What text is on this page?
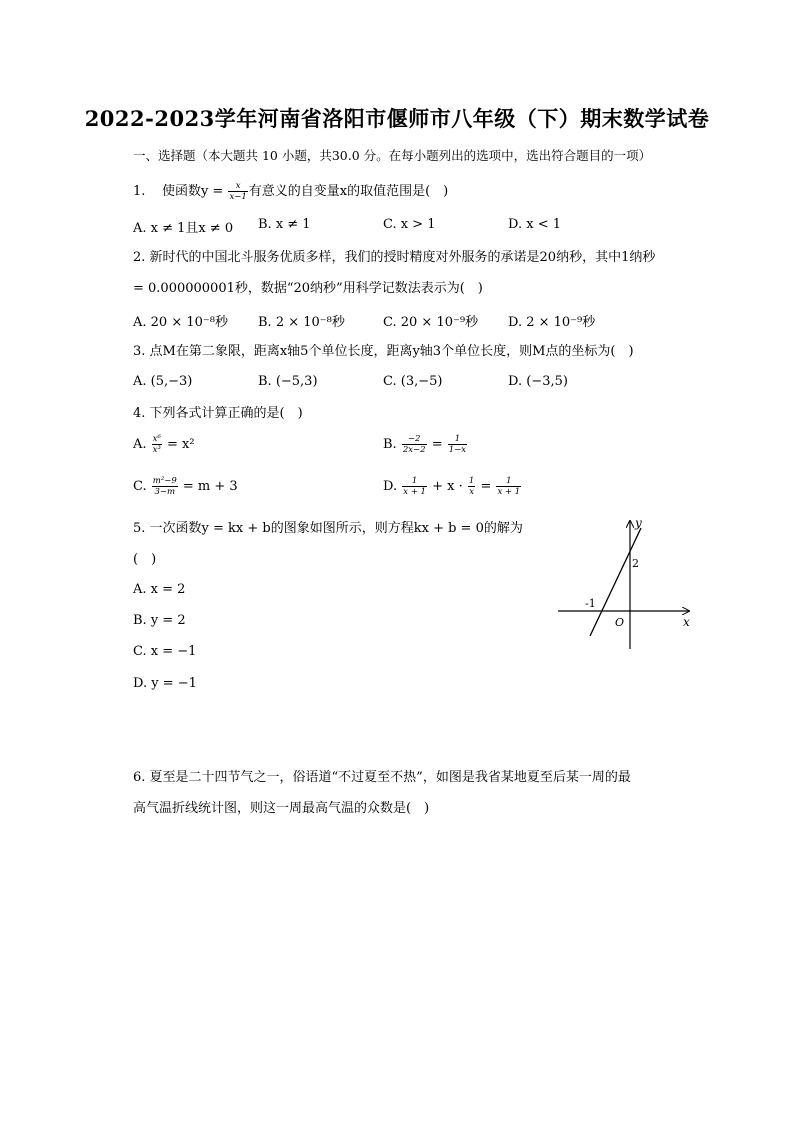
2022-2023学年河南省洛阳市偃师市八年级（下）期末数学试卷
一、选择题（本大题共 10 小题，共30.0 分。在每小题列出的选项中，选出符合题目的一项）
1. 使函数$y = \frac{x}{x-1}$ 有意义的自变量x的取值范围是(　)
A. x ≠ 1且x ≠ 0 B. x ≠ 1	C. x > 1	D. x < 1
2. 新时代的中国北斗服务优质多样，我们的授时精度对外服务的承诺是20纳秒，其中1纳秒
= 0.000000001秒，数据“20纳秒”用科学记数法表示为(　)
A. 20 × 10⁻⁸秒 B. 2 × 10⁻⁸秒	C. 20 × 10⁻⁹秒 D. 2 × 10⁻⁹秒
3. 点M在第二象限，距离x轴5个单位长度，距离y轴3个单位长度，则M点的坐标为(　)
A. (5,−3)	B. (−5,3)	C. (3,−5)	D. (−3,5)
4. 下列各式计算正确的是(　)
A. $\frac{\text{x⁶}}{\text{x³}} = x^2$	B. $\frac{-2}{2x-2} = \frac{1}{1-x}$
C. $\frac{\text{m²−9}}{3-m} = m + 3$	D. $\frac{1}{x + 1} + x \cdot \frac{1}{x} = \frac{1}{x + 1}$
5. 一次函数y = kx + b的图象如图所示，则方程kx + b = 0的解为
(　)
A. x = 2
B. y = 2
C. x = −1
D. y = −1
y
x
O
2
-1
6. 夏至是二十四节气之一，俗语道“不过夏至不热”，如图是我省某地夏至后某一周的最
高气温折线统计图，则这一周最高气温的众数是(　)
